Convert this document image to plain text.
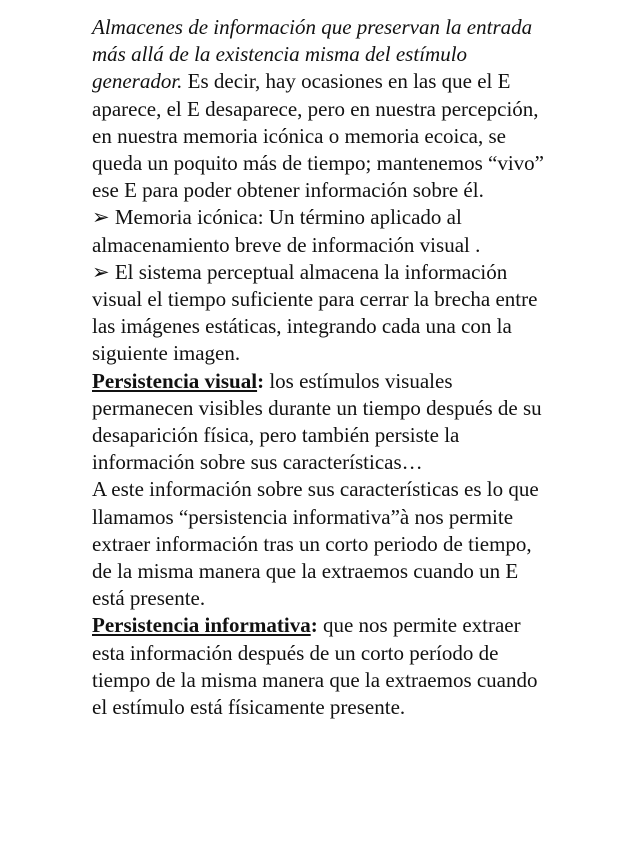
Almacenes de información que preservan la entrada más allá de la existencia misma del estímulo generador. Es decir, hay ocasiones en las que el E aparece, el E desaparece, pero en nuestra percepción, en nuestra memoria icónica o memoria ecoica, se queda un poquito más de tiempo; mantenemos “vivo” ese E para poder obtener información sobre él.

➢ Memoria icónica: Un término aplicado al almacenamiento breve de información visual .

➢ El sistema perceptual almacena la información visual el tiempo suficiente para cerrar la brecha entre las imágenes estáticas, integrando cada una con la siguiente imagen.

Persistencia visual: los estímulos visuales permanecen visibles durante un tiempo después de su desaparición física, pero también persiste la información sobre sus características…

A este información sobre sus características es lo que llamamos “persistencia informativa”à nos permite extraer información tras un corto periodo de tiempo, de la misma manera que la extraemos cuando un E está presente.

Persistencia informativa: que nos permite extraer esta información después de un corto período de tiempo de la misma manera que la extraemos cuando el estímulo está físicamente presente.
